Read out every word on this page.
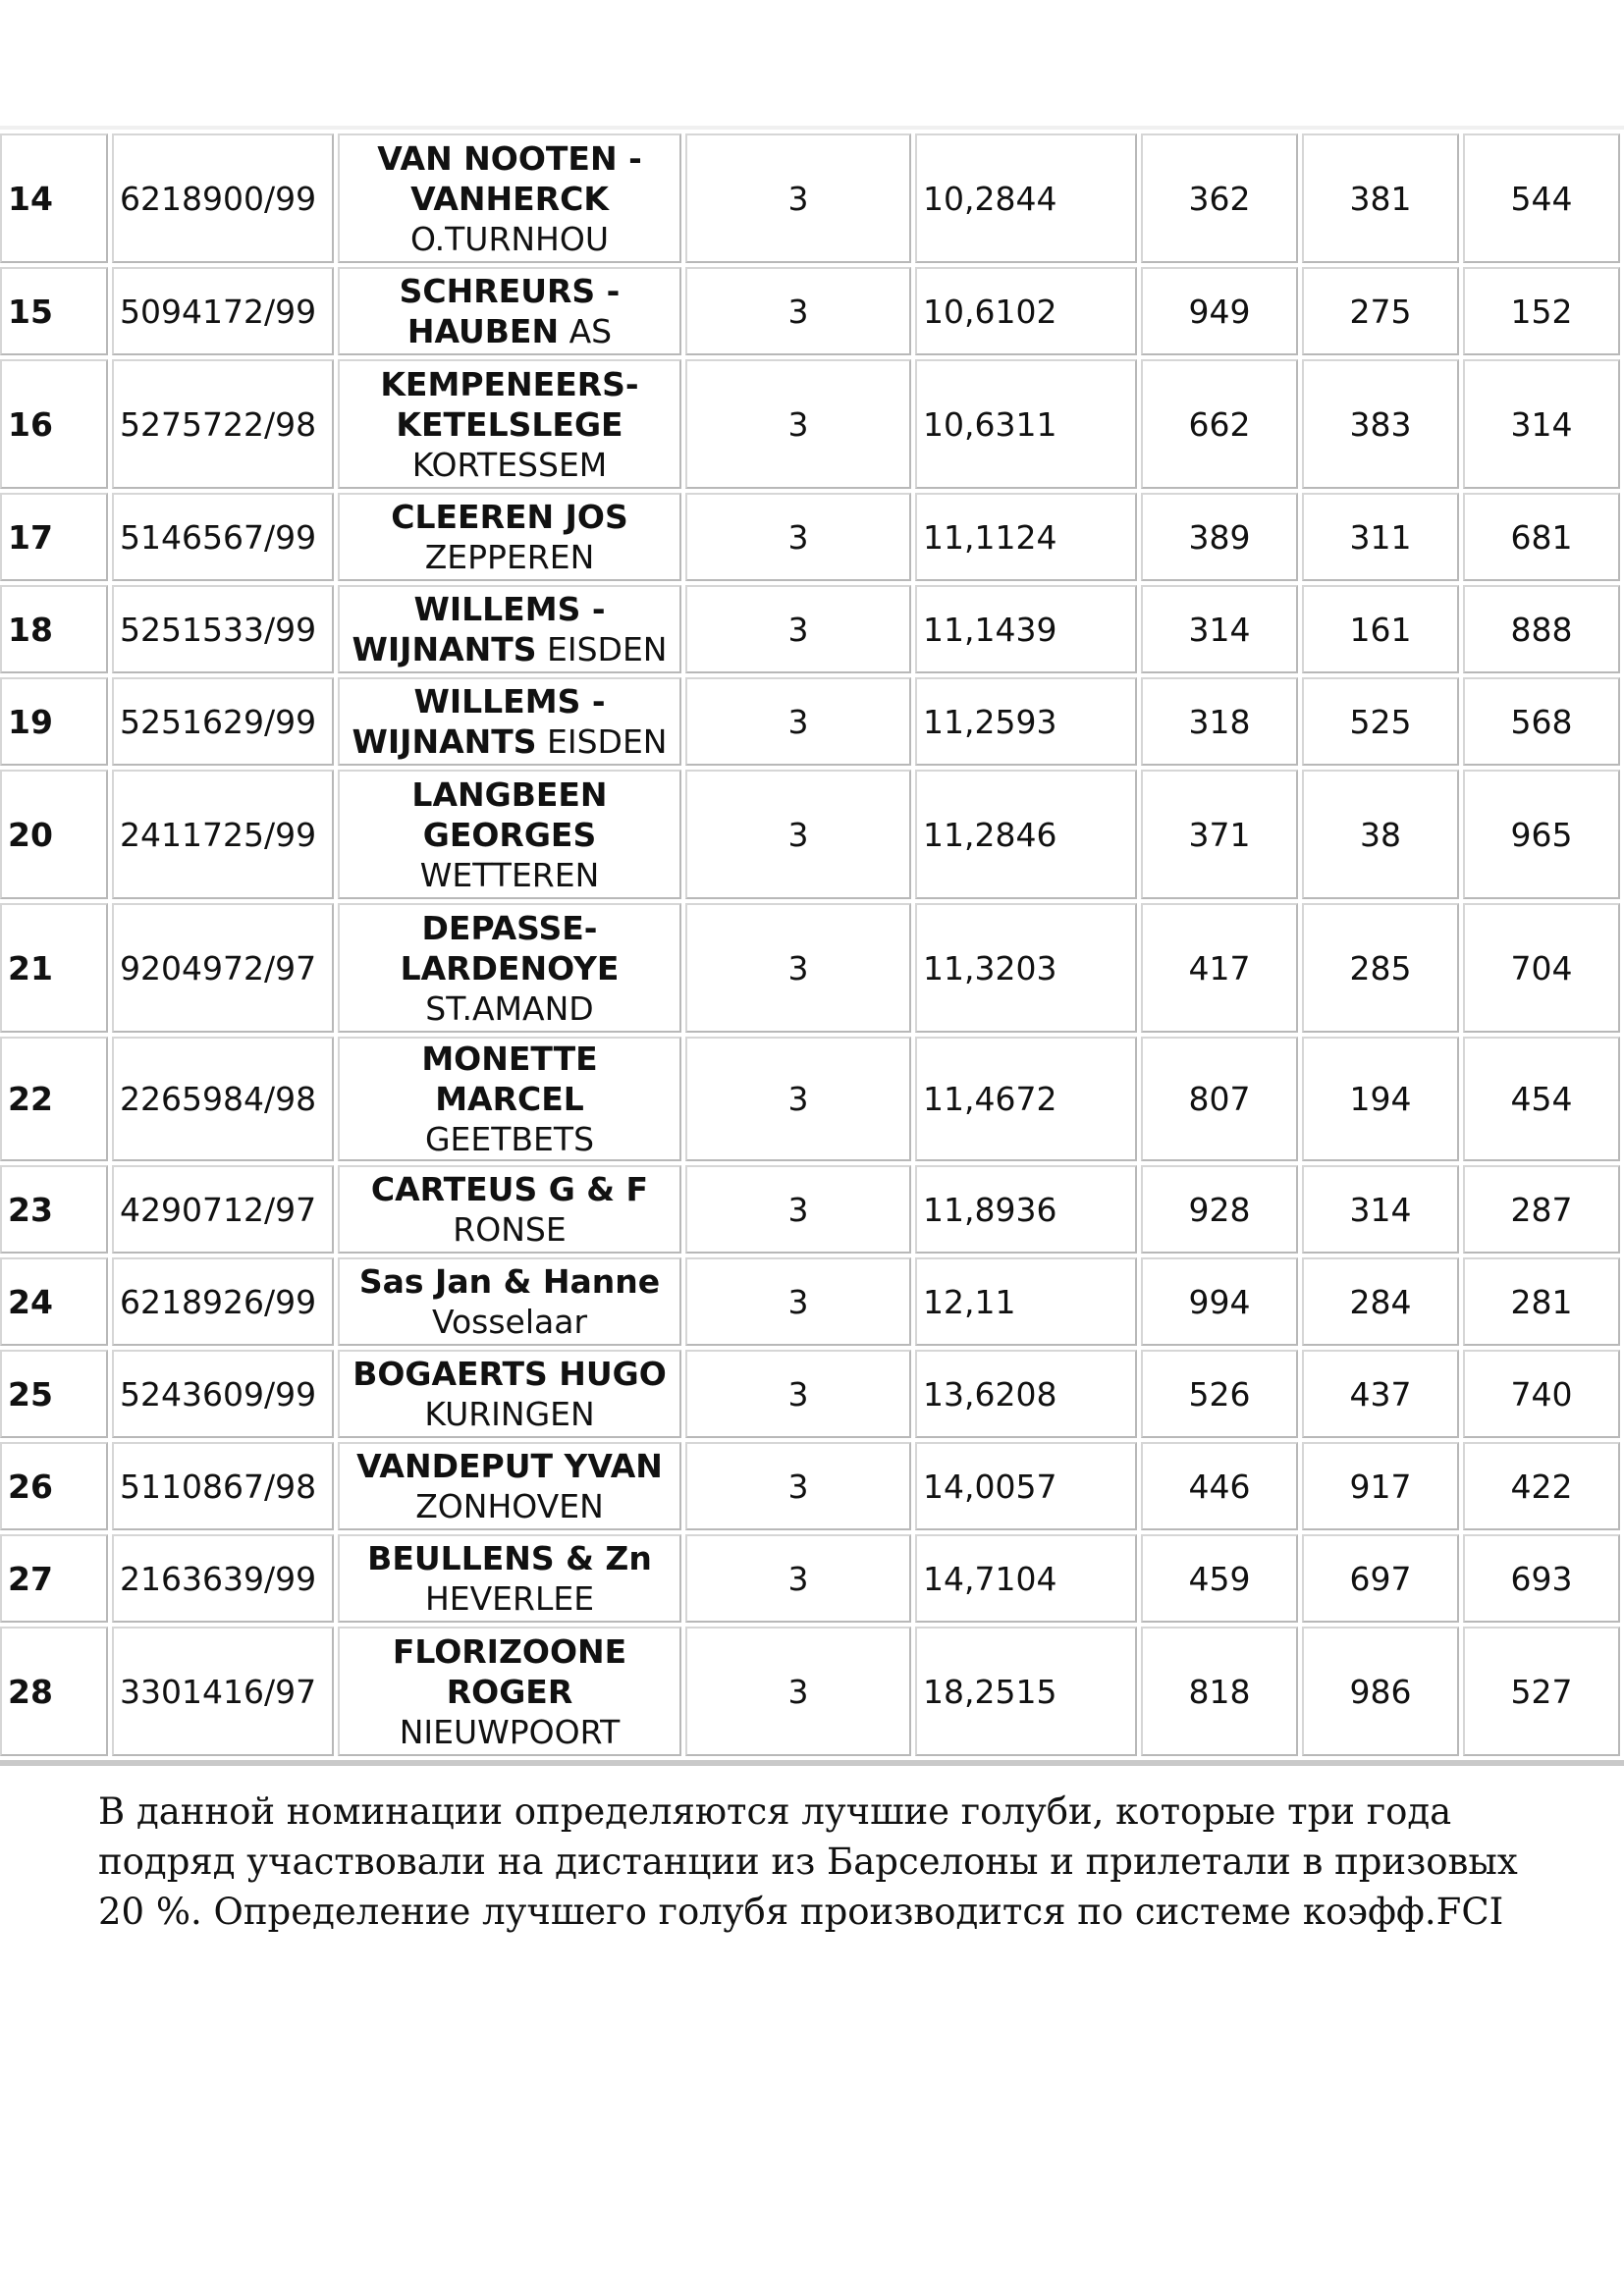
14	6218900/99	VAN NOOTEN - VANHERCK O.TURNHOU	3	10,2844	362	381	544
15	5094172/99	SCHREURS - HAUBEN AS	3	10,6102	949	275	152
16	5275722/98	KEMPENEERS-KETELSLEGE KORTESSEM	3	10,6311	662	383	314
17	5146567/99	CLEEREN JOS ZEPPEREN	3	11,1124	389	311	681
18	5251533/99	WILLEMS - WIJNANTS EISDEN	3	11,1439	314	161	888
19	5251629/99	WILLEMS - WIJNANTS EISDEN	3	11,2593	318	525	568
20	2411725/99	LANGBEEN GEORGES WETTEREN	3	11,2846	371	38	965
21	9204972/97	DEPASSE-LARDENOYE ST.AMAND	3	11,3203	417	285	704
22	2265984/98	MONETTE MARCEL GEETBETS	3	11,4672	807	194	454
23	4290712/97	CARTEUS G & F RONSE	3	11,8936	928	314	287
24	6218926/99	Sas Jan & Hanne Vosselaar	3	12,11	994	284	281
25	5243609/99	BOGAERTS HUGO KURINGEN	3	13,6208	526	437	740
26	5110867/98	VANDEPUT YVAN ZONHOVEN	3	14,0057	446	917	422
27	2163639/99	BEULLENS & Zn HEVERLEE	3	14,7104	459	697	693
28	3301416/97	FLORIZOONE ROGER NIEUWPOORT	3	18,2515	818	986	527

В данной номинации определяются лучшие голуби, которые три года подряд участвовали на дистанции из Барселоны и прилетали в призовых 20 %. Определение лучшего голубя производится по системе коэфф.FCI
